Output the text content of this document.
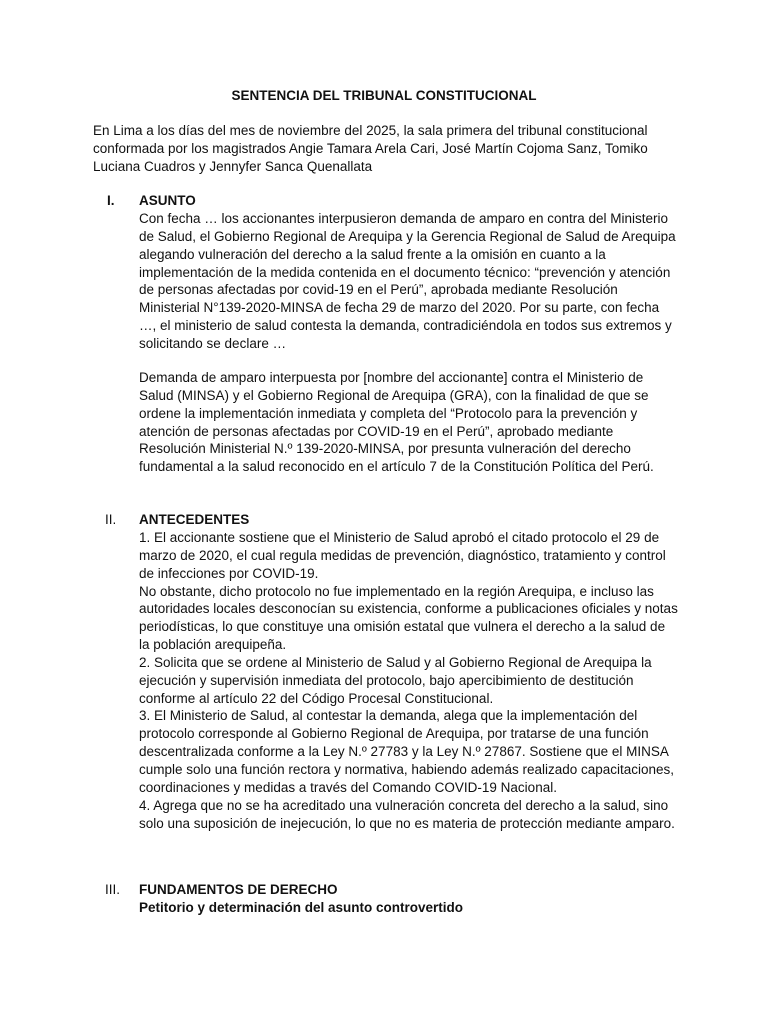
SENTENCIA DEL TRIBUNAL CONSTITUCIONAL
En Lima a los días del mes de noviembre del 2025, la sala primera del tribunal constitucional conformada por los magistrados Angie Tamara Arela Cari, José Martín Cojoma Sanz, Tomiko Luciana Cuadros y Jennyfer Sanca Quenallata
I.	ASUNTO

Con fecha … los accionantes interpusieron demanda de amparo en contra del Ministerio de Salud, el Gobierno Regional de Arequipa y la Gerencia Regional de Salud de Arequipa alegando vulneración del derecho a la salud frente a la omisión en cuanto a la implementación de la medida contenida en el documento técnico: “prevención y atención de personas afectadas por covid-19 en el Perú”, aprobada mediante Resolución Ministerial N°139-2020-MINSA de fecha 29 de marzo del 2020. Por su parte, con fecha …, el ministerio de salud contesta la demanda, contradiciéndola en todos sus extremos y solicitando se declare …

Demanda de amparo interpuesta por [nombre del accionante] contra el Ministerio de Salud (MINSA) y el Gobierno Regional de Arequipa (GRA), con la finalidad de que se ordene la implementación inmediata y completa del “Protocolo para la prevención y atención de personas afectadas por COVID-19 en el Perú”, aprobado mediante Resolución Ministerial N.º 139-2020-MINSA, por presunta vulneración del derecho fundamental a la salud reconocido en el artículo 7 de la Constitución Política del Perú.

II.	ANTECEDENTES

1. El accionante sostiene que el Ministerio de Salud aprobó el citado protocolo el 29 de marzo de 2020, el cual regula medidas de prevención, diagnóstico, tratamiento y control de infecciones por COVID-19.

No obstante, dicho protocolo no fue implementado en la región Arequipa, e incluso las autoridades locales desconocían su existencia, conforme a publicaciones oficiales y notas periodísticas, lo que constituye una omisión estatal que vulnera el derecho a la salud de la población arequipeña.

2. Solicita que se ordene al Ministerio de Salud y al Gobierno Regional de Arequipa la ejecución y supervisión inmediata del protocolo, bajo apercibimiento de destitución conforme al artículo 22 del Código Procesal Constitucional.

3. El Ministerio de Salud, al contestar la demanda, alega que la implementación del protocolo corresponde al Gobierno Regional de Arequipa, por tratarse de una función descentralizada conforme a la Ley N.º 27783 y la Ley N.º 27867. Sostiene que el MINSA cumple solo una función rectora y normativa, habiendo además realizado capacitaciones, coordinaciones y medidas a través del Comando COVID-19 Nacional.

4. Agrega que no se ha acreditado una vulneración concreta del derecho a la salud, sino solo una suposición de inejecución, lo que no es materia de protección mediante amparo.

III.	FUNDAMENTOS DE DERECHO
Petitorio y determinación del asunto controvertido
